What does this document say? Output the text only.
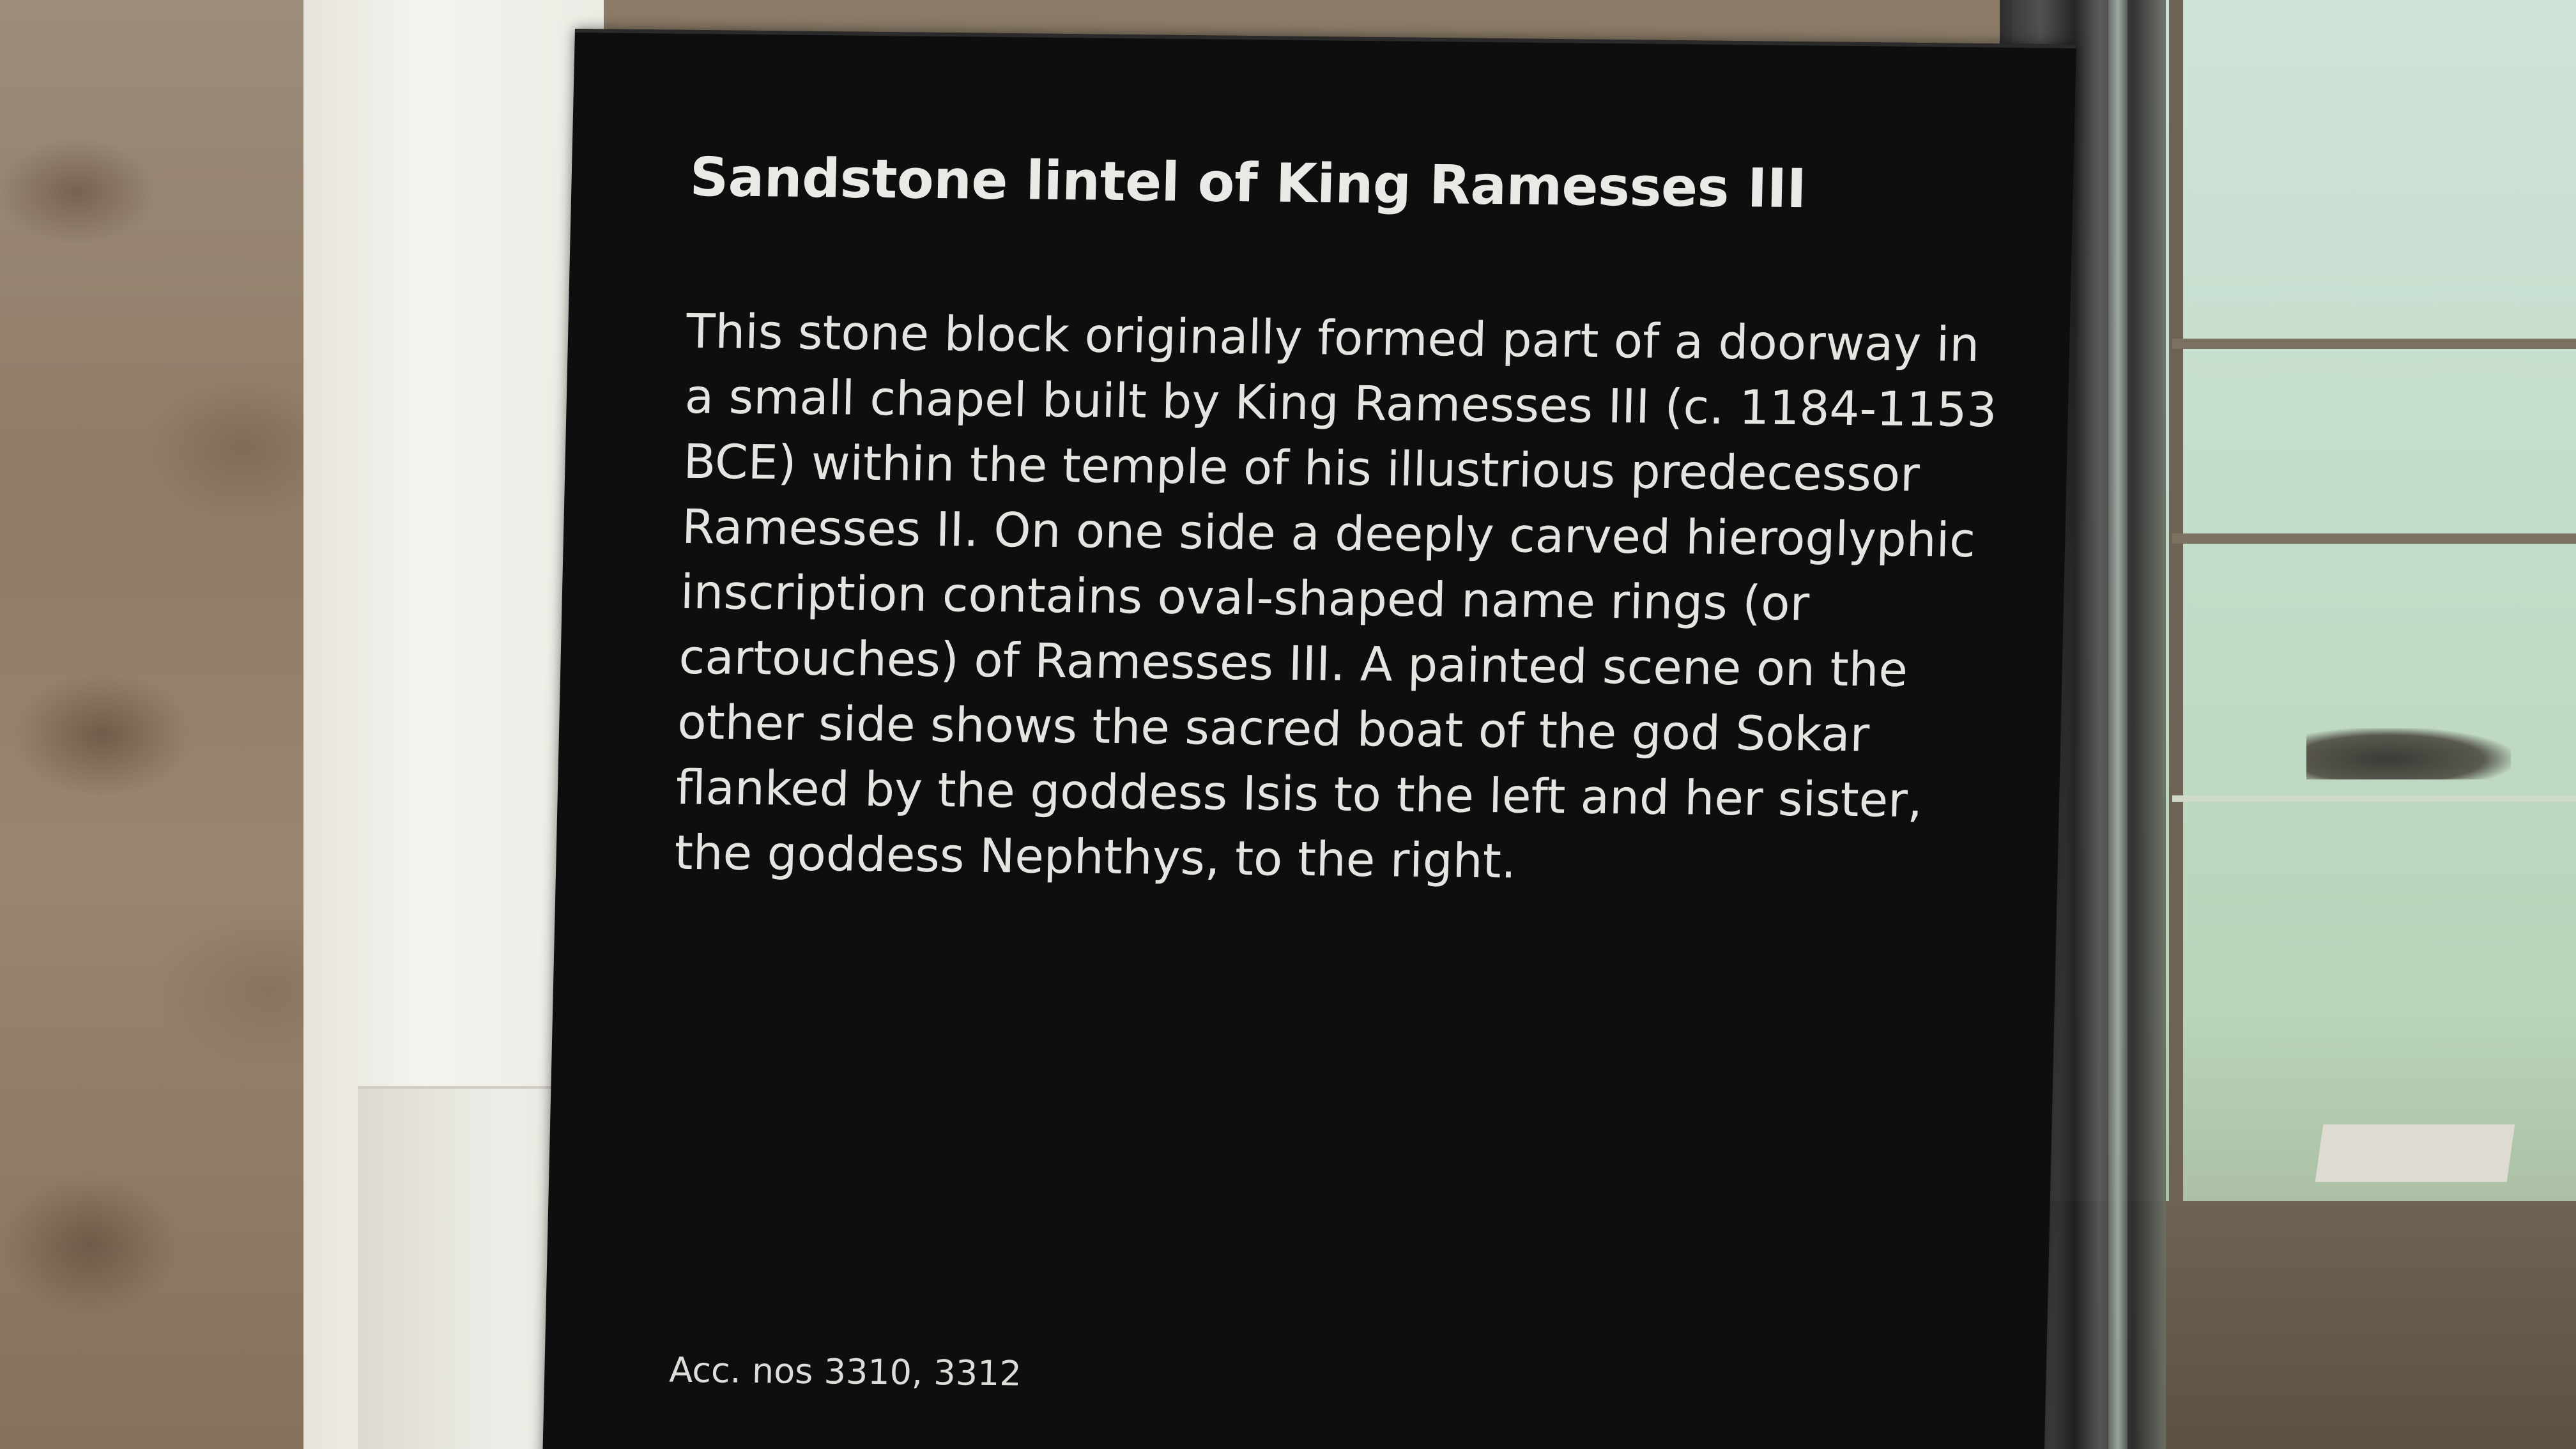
Sandstone lintel of King Ramesses III

This stone block originally formed part of a doorway in
a small chapel built by King Ramesses III (c. 1184-1153
BCE) within the temple of his illustrious predecessor
Ramesses II. On one side a deeply carved hieroglyphic
inscription contains oval-shaped name rings (or
cartouches) of Ramesses III. A painted scene on the
other side shows the sacred boat of the god Sokar
flanked by the goddess Isis to the left and her sister,
the goddess Nephthys, to the right.

Acc. nos 3310, 3312
